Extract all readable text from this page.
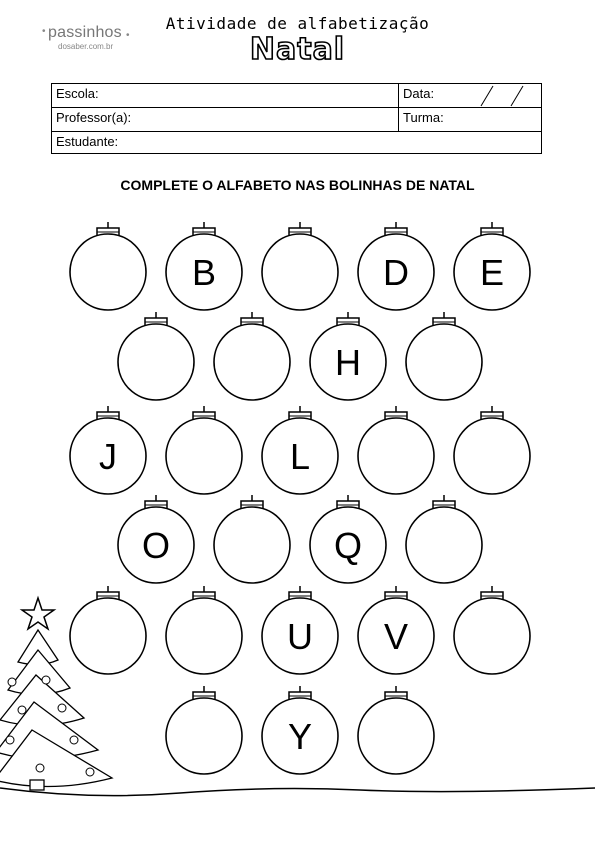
• passinhos •
dosaber.com.br
Atividade de alfabetização
Natal
Escola:	Data:
Professor(a):	Turma:
Estudante:
COMPLETE O ALFABETO NAS BOLINHAS DE NATAL
B	D E
H
J	L
O	Q
U V
Y
